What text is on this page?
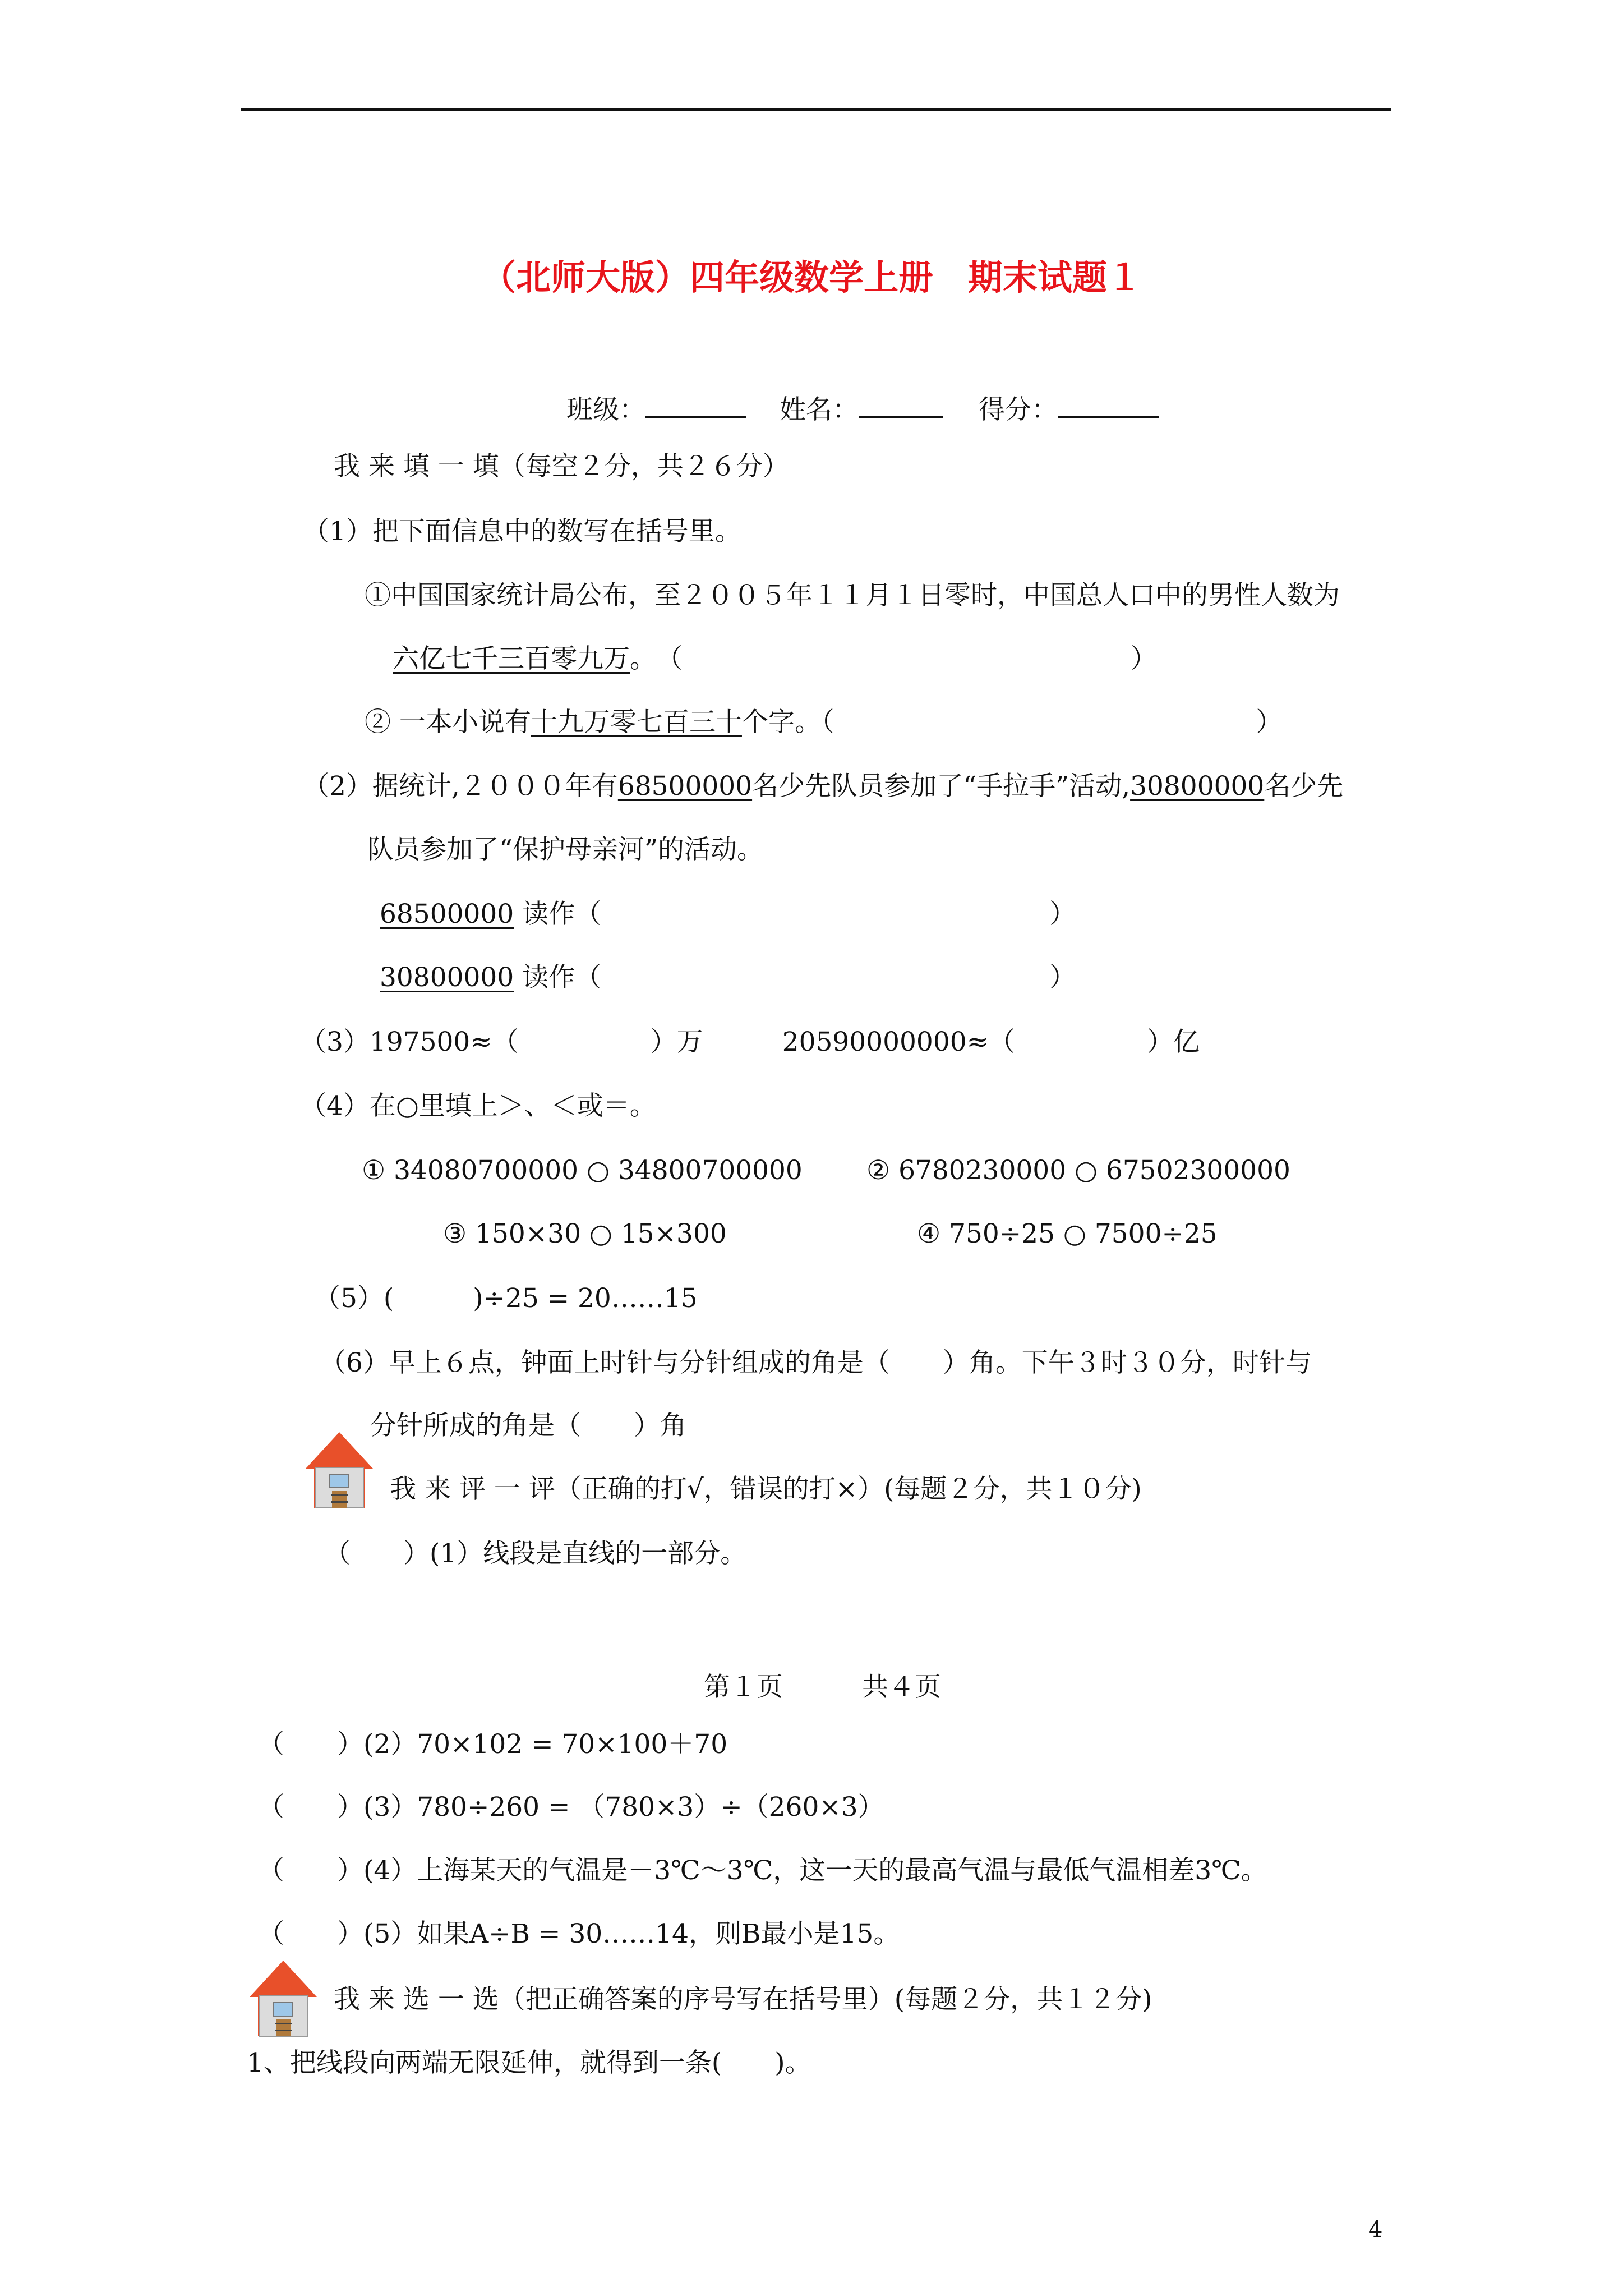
（北师大版）四年级数学上册　期末试题１
班级：	姓名：	得分：
我 来 填 一 填（每空２分，共２６分）
（1）把下面信息中的数写在括号里。
①中国国家统计局公布，至２００５年１１月１日零时，中国总人口中的男性人数为
六亿七千三百零九万。　（　　　　　　　　　　　　　　　　　）
② 一本小说有十九万零七百三十个字。（　　　　　　　　　　　　　　　　）
（2）据统计,２０００年有68500000名少先队员参加了“手拉手”活动,30800000名少先
队员参加了“保护母亲河”的活动。
68500000 读作（　　　　　　　　　　　　　　　　　）
30800000 读作（　　　　　　　　　　　　　　　　　）
（3）197500≈（　　　　　）万　　　20590000000≈（　　　　　）亿
（4）在○里填上＞、＜或＝。
① 34080700000 ○ 34800700000 ② 6780230000 ○ 67502300000
③ 150×30 ○ 15×300	④ 750÷25 ○ 7500÷25
（5）(　　　)÷25 = 20……15
（6）早上６点，钟面上时针与分针组成的角是（　　）角。下午３时３０分，时针与
分针所成的角是（　　）角
我 来 评 一 评（正确的打√，错误的打×）(每题２分，共１０分)
（　　）(1）线段是直线的一部分。
第１页　　　共４页
（　　）(2）70×102 = 70×100＋70
（　　）(3）780÷260 = （780×3）÷（260×3）
（　　）(4）上海某天的气温是－3℃～3℃，这一天的最高气温与最低气温相差3℃。
（　　）(5）如果A÷B = 30……14，则B最小是15。
我 来 选 一 选（把正确答案的序号写在括号里）(每题２分，共１２分)
1、把线段向两端无限延伸，就得到一条(　　)。
4
